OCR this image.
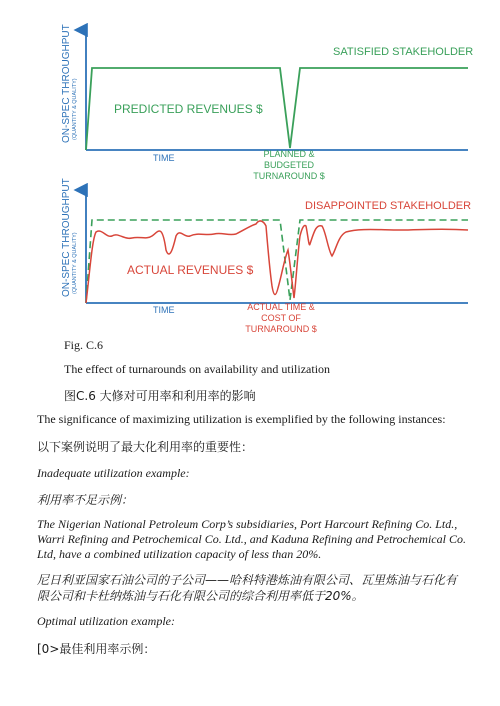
ON-SPEC THROUGHPUT (QUANTITY & QUALITY)
SATISFIED STAKEHOLDER
PREDICTED REVENUES $
TIME	PLANNED &
BUDGETED
TURNAROUND $
ON-SPEC THROUGHPUT (QUANTITY & QUALITY)
DISAPPOINTED STAKEHOLDER
ACTUAL REVENUES $
TIME	ACTUAL TIME &
COST OF
TURNAROUND $

Fig. C.6

The effect of turnarounds on availability and utilization

图C.6 大修对可用率和利用率的影响

The significance of maximizing utilization is exemplified by the following instances:

以下案例说明了最大化利用率的重要性：

Inadequate utilization example:

利用率不足示例：

The Nigerian National Petroleum Corp’s subsidiaries, Port Harcourt Refining Co. Ltd., Warri Refining and Petrochemical Co. Ltd., and Kaduna Refining and Petrochemical Co. Ltd, have a combined utilization capacity of less than 20%.

尼日利亚国家石油公司的子公司——哈科特港炼油有限公司、瓦里炼油与石化有

限公司和卡杜纳炼油与石化有限公司的综合利用率低于20%。

Optimal utilization example:

[0>最佳利用率示例：
